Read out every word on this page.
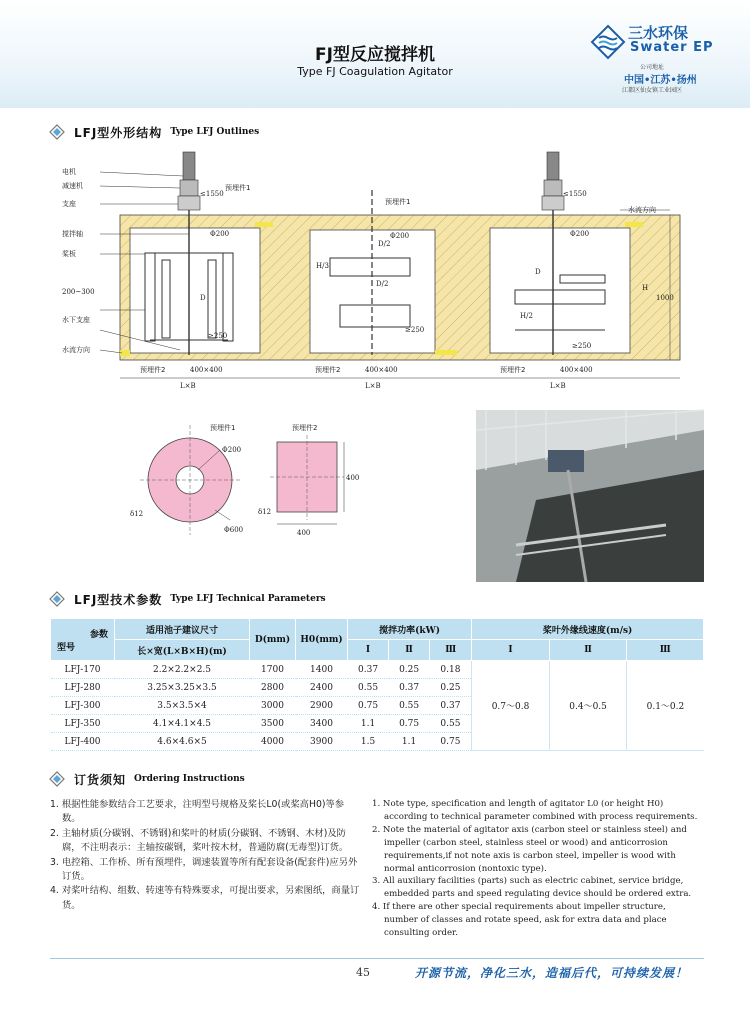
FJ型反应搅拌机
Type FJ Coagulation Agitator
三水环保
Swater EP
公司地址
中国•江苏•扬州
江都区仙女镇工业园区
LFJ型外形结构 Type LFJ Outlines
电机
减速机
支座
搅拌轴
桨板
200~300
水下支座
水流方向
水流方向
预埋件1
预埋件1
预埋件2	预埋件2	预埋件2
≤1550	≤1550
Φ200	Φ200	Φ200
D
D
D/2
D/2
H/3
H
H/2
≥250
≥250
≥250
400×400	400×400	400×400
L×B	L×B	L×B
1000
预埋件1
Φ200
Φ600
δ12
预埋件2
400
400
δ12
LFJ型技术参数 Type LFJ Technical Parameters
参数
型号	适用池子建议尺寸	D(mm)	H0(mm)	搅拌功率(kW)			桨叶外缘线速度(m/s)		
	长×宽(L×B×H)(m)			Ⅰ	Ⅱ	Ⅲ	Ⅰ	Ⅱ	Ⅲ
LFJ-170	2.2×2.2×2.5	1700	1400	0.37	0.25	0.18	0.7～0.8	0.4～0.5	0.1～0.2
LFJ-280	3.25×3.25×3.5	2800	2400	0.55	0.37	0.25			
LFJ-300	3.5×3.5×4	3000	2900	0.75	0.55	0.37			
LFJ-350	4.1×4.1×4.5	3500	3400	1.1	0.75	0.55			
LFJ-400	4.6×4.6×5	4000	3900	1.5	1.1	0.75			
订货须知 Ordering Instructions
1. 根据性能参数结合工艺要求，注明型号规格及桨长L0(或桨高H0)等参数。
2. 主轴材质(分碳钢、不锈钢)和桨叶的材质(分碳钢、不锈钢、木材)及防腐，不注明表示：主轴按碳钢，桨叶按木材，普通防腐(无毒型)订货。
3. 电控箱、工作桥、所有预埋件，调速装置等所有配套设备(配套件)应另外订货。
4. 对桨叶结构、组数、转速等有特殊要求，可提出要求，另索图纸，商量订货。
1. Note type, specification and length of agitator L0 (or height H0) according to technical parameter combined with process requirements.
2. Note the material of agitator axis (carbon steel or stainless steel) and impeller (carbon steel, stainless steel or wood) and anticorrosion requirements,if not note axis is carbon steel, impeller is wood with normal anticorrosion (nontoxic type).
3. All auxiliary facilities (parts) such as electric cabinet, service bridge, embedded parts and speed regulating device should be ordered extra.
4. If there are other special requirements about impeller structure, number of classes and rotate speed, ask for extra data and place consulting order.
45	开源节流，净化三水，造福后代，可持续发展！
